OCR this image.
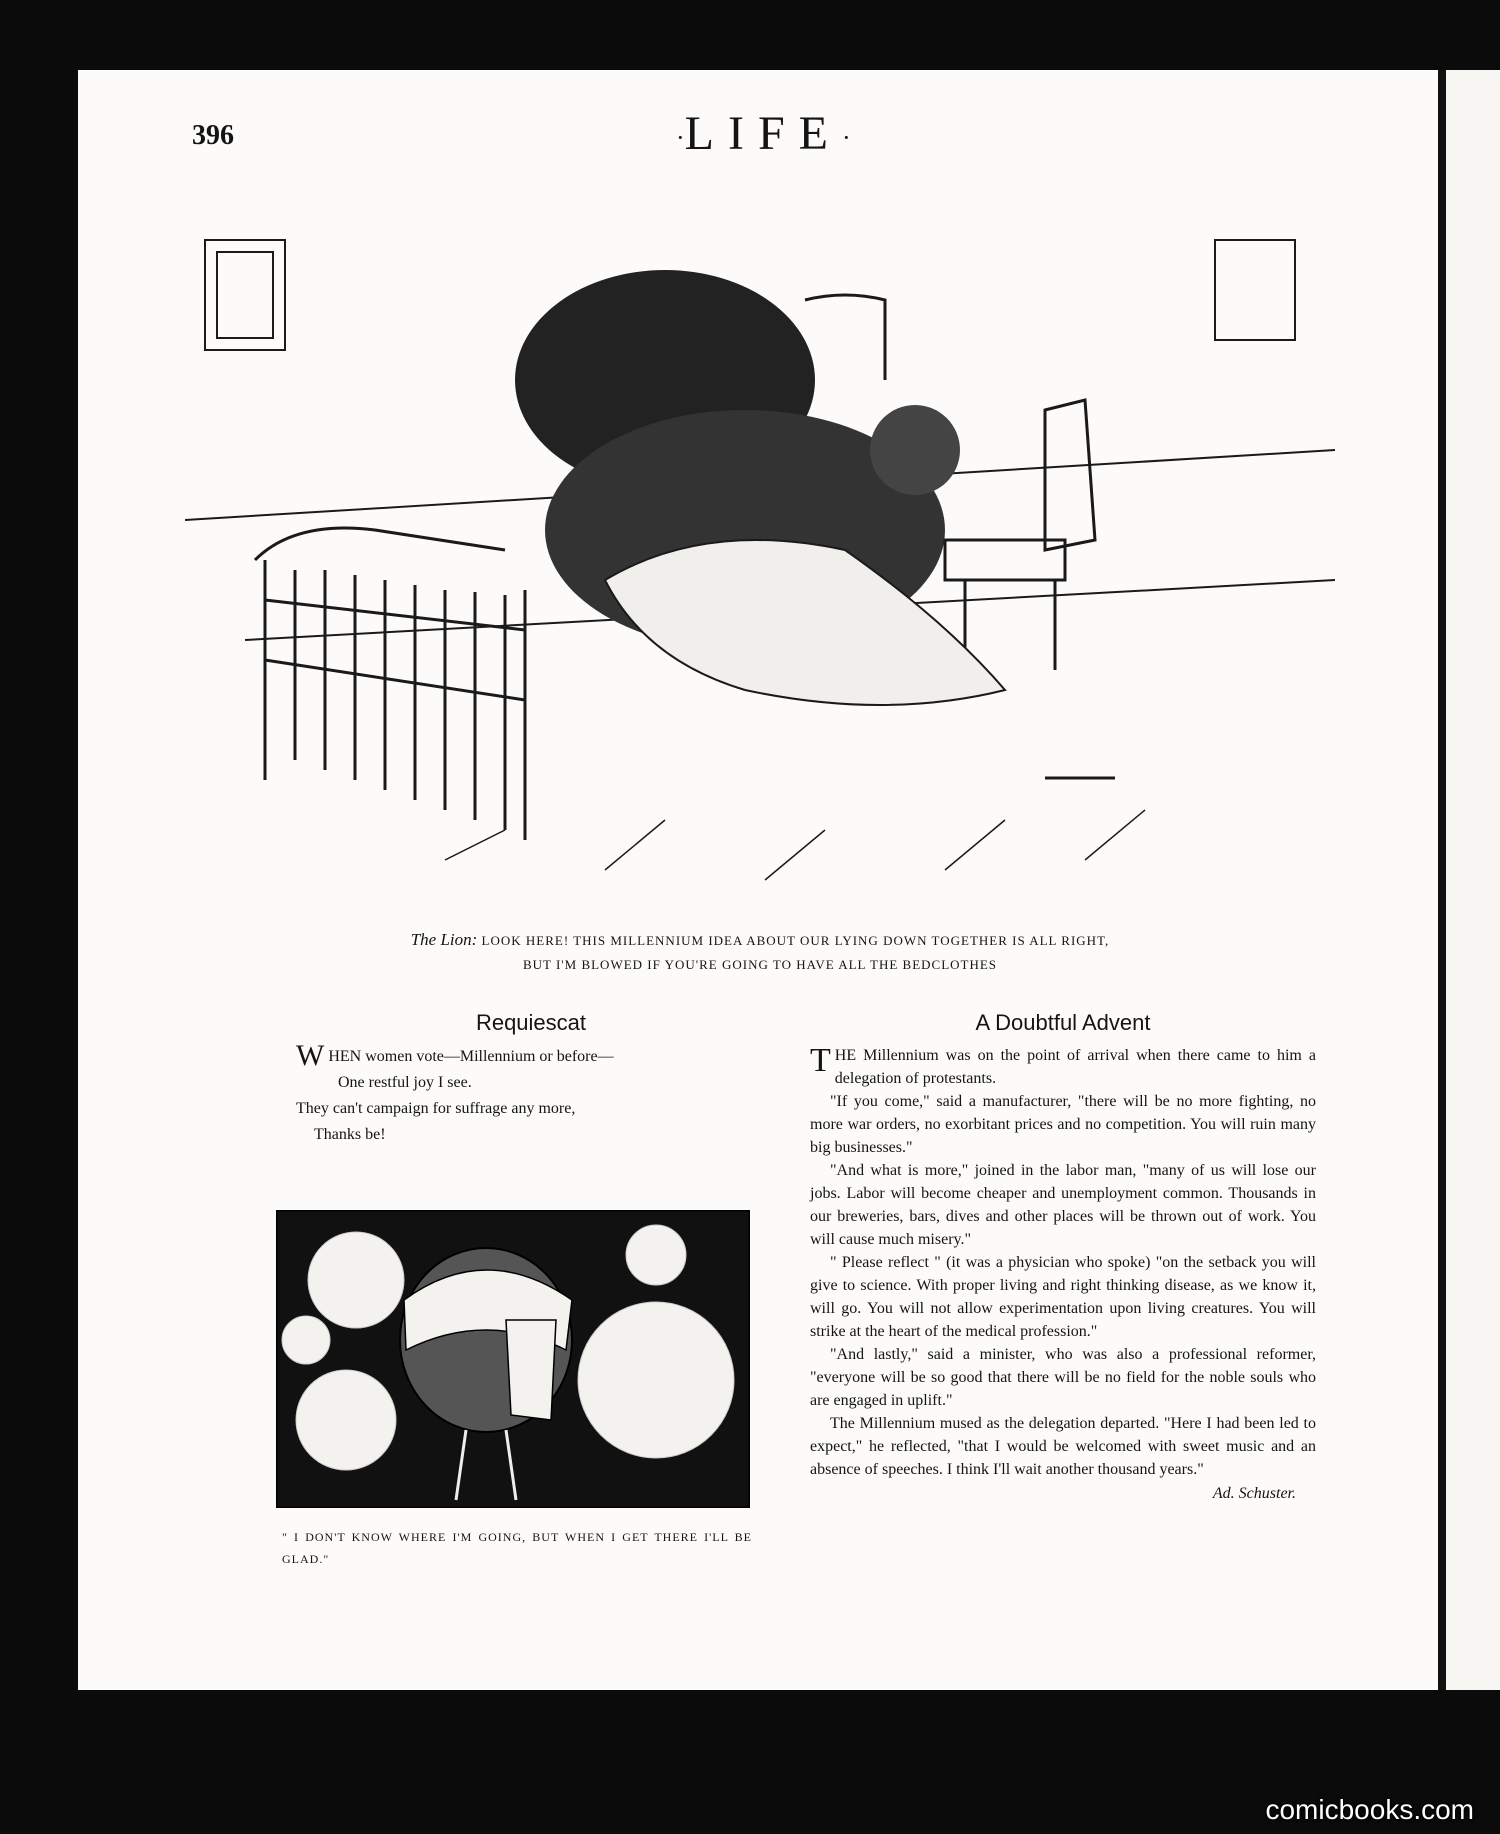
396	·LIFE·
The Lion: LOOK HERE! THIS MILLENNIUM IDEA ABOUT OUR LYING DOWN TOGETHER IS ALL RIGHT,
BUT I'M BLOWED IF YOU'RE GOING TO HAVE ALL THE BEDCLOTHES
Requiescat
WHEN women vote—Millennium or before—
One restful joy I see.
They can't campaign for suffrage any more,
Thanks be!
" I DON'T KNOW WHERE I'M GOING, BUT WHEN I GET THERE I'LL BE GLAD."
A Doubtful Advent

THE Millennium was on the point of arrival when there came to him a delegation of protestants.

"If you come," said a manufacturer, "there will be no more fighting, no more war orders, no exorbitant prices and no competition. You will ruin many big businesses."

"And what is more," joined in the labor man, "many of us will lose our jobs. Labor will become cheaper and unemployment common. Thousands in our breweries, bars, dives and other places will be thrown out of work. You will cause much misery."

" Please reflect " (it was a physician who spoke) "on the setback you will give to science. With proper living and right thinking disease, as we know it, will go. You will not allow experimentation upon living creatures. You will strike at the heart of the medical profession."

"And lastly," said a minister, who was also a professional reformer, "everyone will be so good that there will be no field for the noble souls who are engaged in uplift."

The Millennium mused as the delegation departed. "Here I had been led to expect," he reflected, "that I would be welcomed with sweet music and an absence of speeches. I think I'll wait another thousand years."

Ad. Schuster.
comicbooks.com
